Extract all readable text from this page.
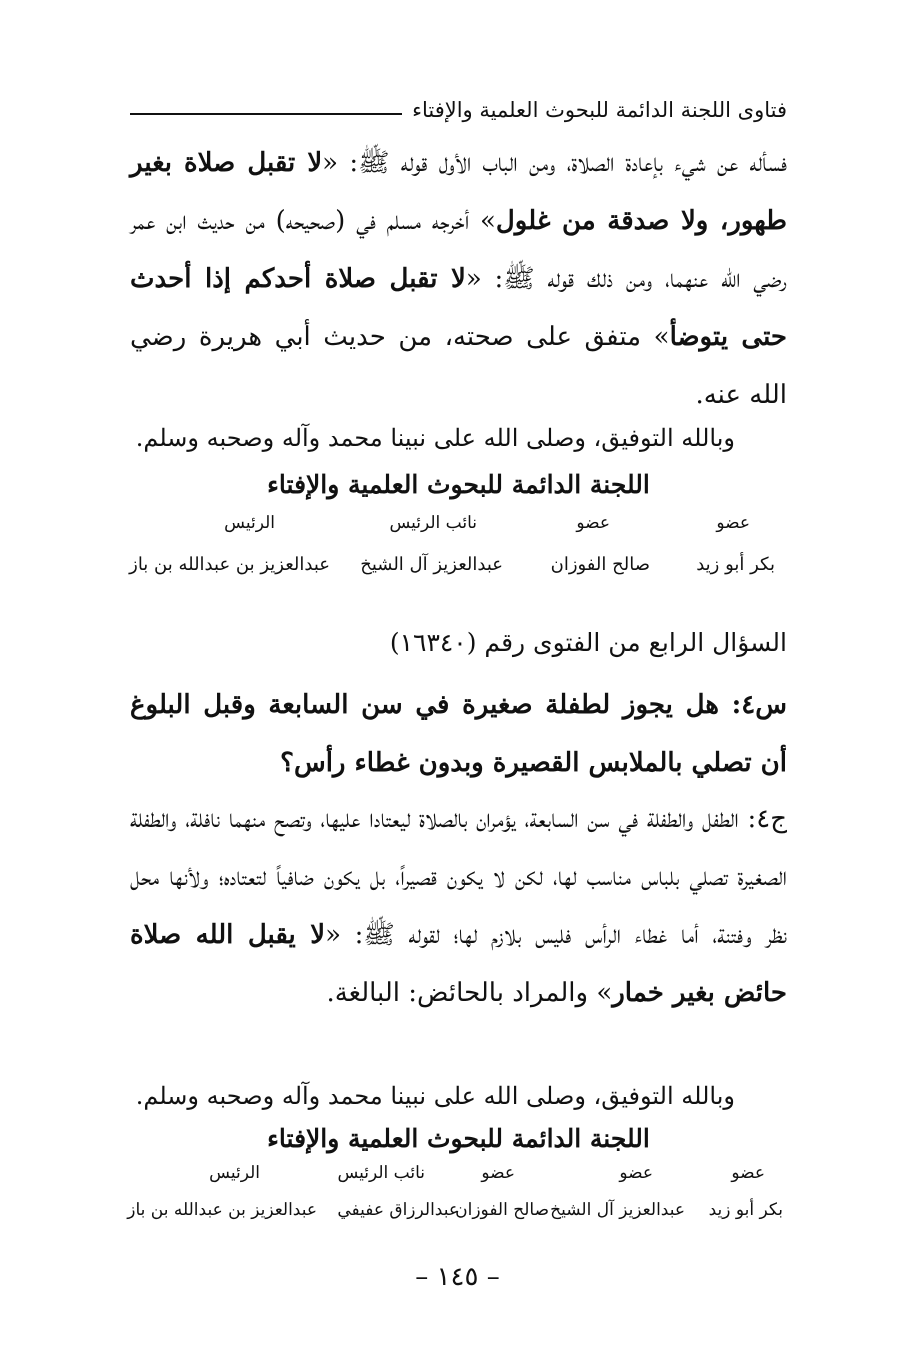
فتاوى اللجنة الدائمة للبحوث العلمية والإفتاء
فسأله عن شيء بإعادة الصلاة، ومن الباب الأول قوله ﷺ: «لا تقبل صلاة بغير طهور، ولا صدقة من غلول» أخرجه مسلم في (صحيحه) من حديث ابن عمر رضي الله عنهما، ومن ذلك قوله ﷺ: «لا تقبل صلاة أحدكم إذا أحدث حتى يتوضأ» متفق على صحته، من حديث أبي هريرة رضي الله عنه.
وبالله التوفيق، وصلى الله على نبينا محمد وآله وصحبه وسلم.
اللجنة الدائمة للبحوث العلمية والإفتاء
عضو
عضو
نائب الرئيس
الرئيس
بكر أبو زيد
صالح الفوزان
عبدالعزيز آل الشيخ
عبدالعزيز بن عبدالله بن باز
السؤال الرابع من الفتوى رقم (١٦٣٤٠)
س٤: هل يجوز لطفلة صغيرة في سن السابعة وقبل البلوغ أن تصلي بالملابس القصيرة وبدون غطاء رأس؟
ج٤: الطفل والطفلة في سن السابعة، يؤمران بالصلاة ليعتادا عليها، وتصح منهما نافلة، والطفلة الصغيرة تصلي بلباس مناسب لها، لكن لا يكون قصيراً، بل يكون ضافياً لتعتاده؛ ولأنها محل نظر وفتنة، أما غطاء الرأس فليس بلازم لها؛ لقوله ﷺ: «لا يقبل الله صلاة حائض بغير خمار» والمراد بالحائض: البالغة.
وبالله التوفيق، وصلى الله على نبينا محمد وآله وصحبه وسلم.
اللجنة الدائمة للبحوث العلمية والإفتاء
عضو
عضو
عضو
نائب الرئيس
الرئيس
بكر أبو زيد
عبدالعزيز آل الشيخ
صالح الفوزان
عبدالرزاق عفيفي
عبدالعزيز بن عبدالله بن باز
– ١٤٥ –
